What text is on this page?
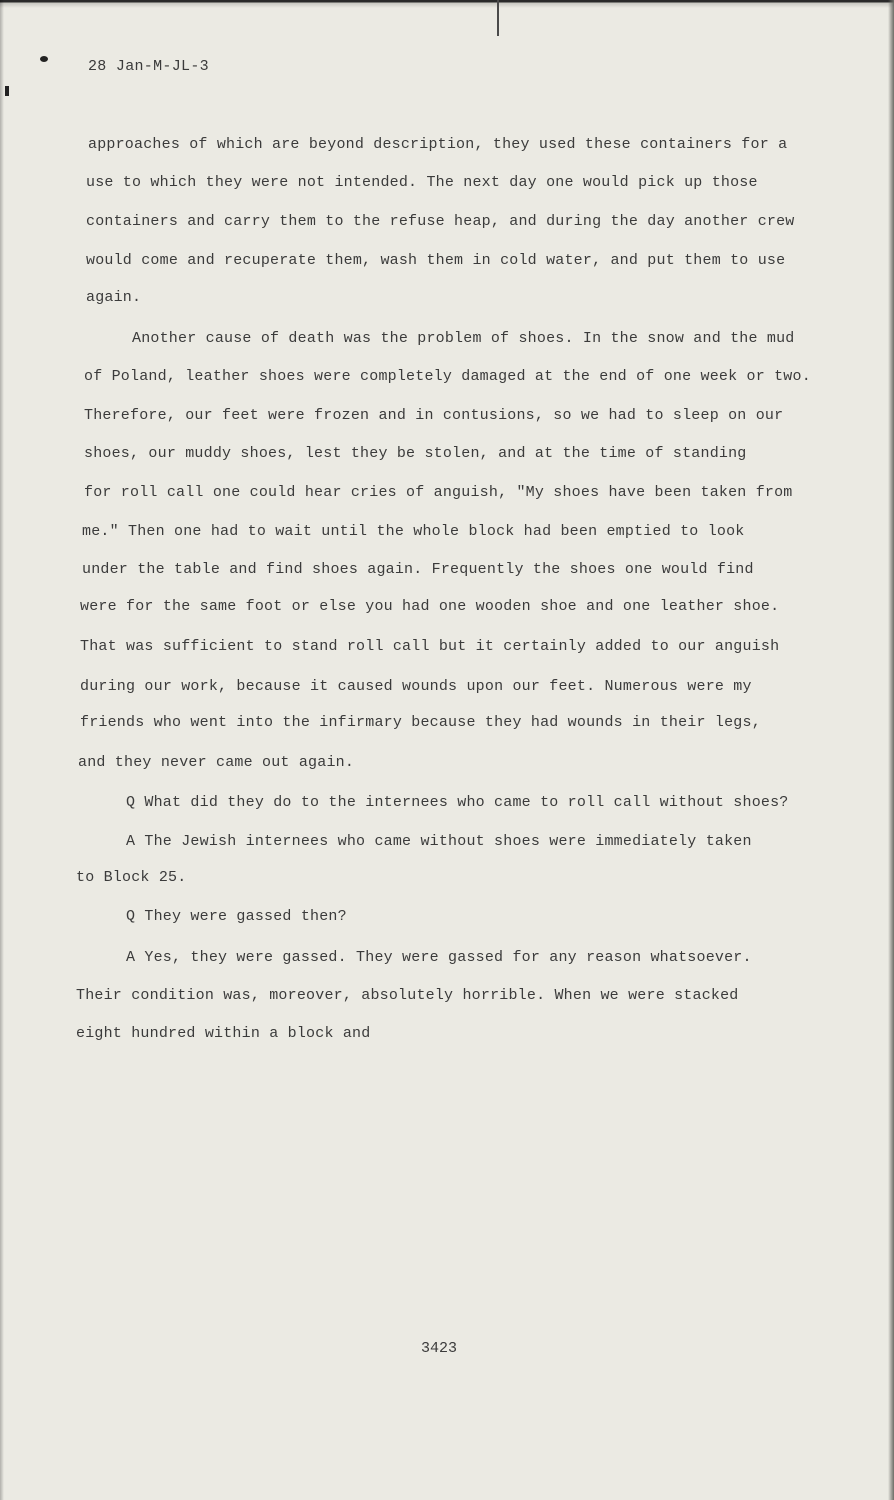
28 Jan-M-JL-3
approaches of which are beyond description, they used these containers for a
use to which they were not intended. The next day one would pick up those
containers and carry them to the refuse heap, and during the day another crew
would come and recuperate them, wash them in cold water, and put them to use
again.
Another cause of death was the problem of shoes. In the snow and the mud
of Poland, leather shoes were completely damaged at the end of one week or two.
Therefore, our feet were frozen and in contusions, so we had to sleep on our
shoes, our muddy shoes, lest they be stolen, and at the time of standing
for roll call one could hear cries of anguish, "My shoes have been taken from
me." Then one had to wait until the whole block had been emptied to look
under the table and find shoes again. Frequently the shoes one would find
were for the same foot or else you had one wooden shoe and one leather shoe.
That was sufficient to stand roll call but it certainly added to our anguish
during our work, because it caused wounds upon our feet. Numerous were my
friends who went into the infirmary because they had wounds in their legs,
and they never came out again.
Q What did they do to the internees who came to roll call without shoes?
A The Jewish internees who came without shoes were immediately taken
to Block 25.
Q They were gassed then?
A Yes, they were gassed. They were gassed for any reason whatsoever.
Their condition was, moreover, absolutely horrible. When we were stacked
eight hundred within a block and
3423
